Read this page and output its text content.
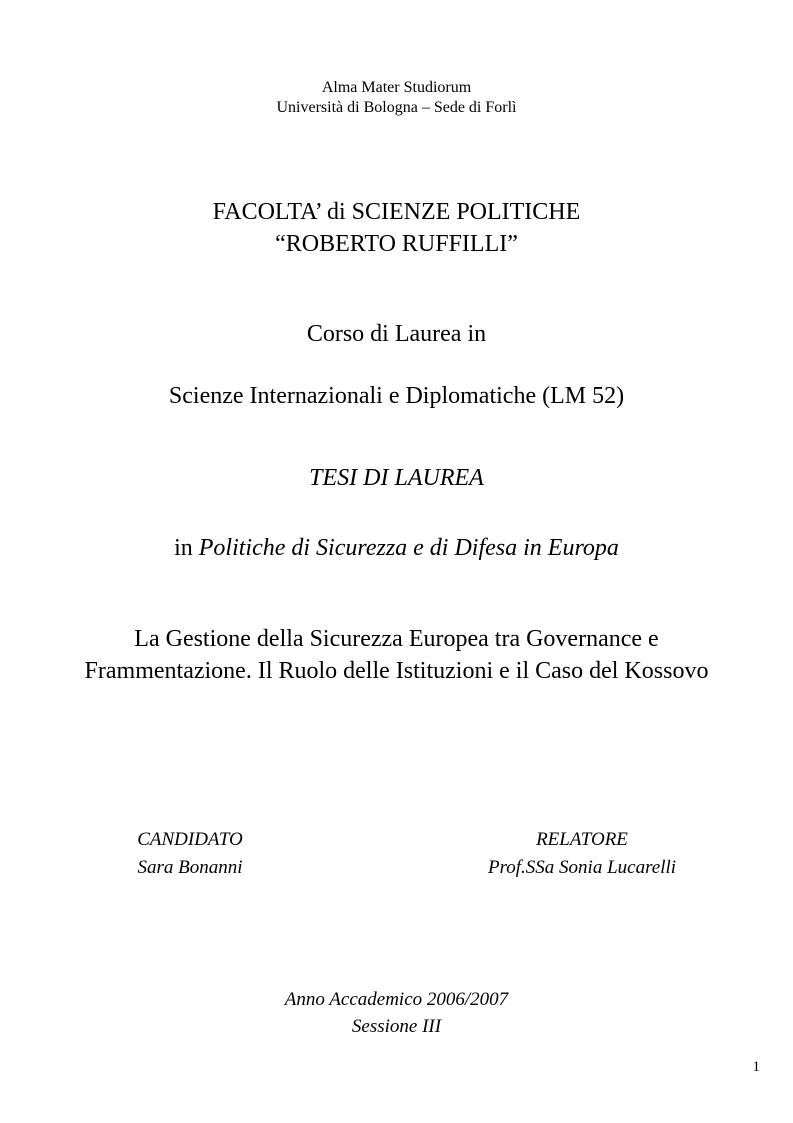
Alma Mater Studiorum
Università di Bologna – Sede di Forlì
FACOLTA’ di SCIENZE POLITICHE
“ROBERTO RUFFILLI”
Corso di Laurea in
Scienze Internazionali e Diplomatiche (LM 52)
TESI DI LAUREA
in Politiche di Sicurezza e di Difesa in Europa
La Gestione della Sicurezza Europea tra Governance e
Frammentazione. Il Ruolo delle Istituzioni e il Caso del Kossovo
CANDIDATO
Sara Bonanni
RELATORE
Prof.SSa Sonia Lucarelli
Anno Accademico 2006/2007
Sessione III
1
